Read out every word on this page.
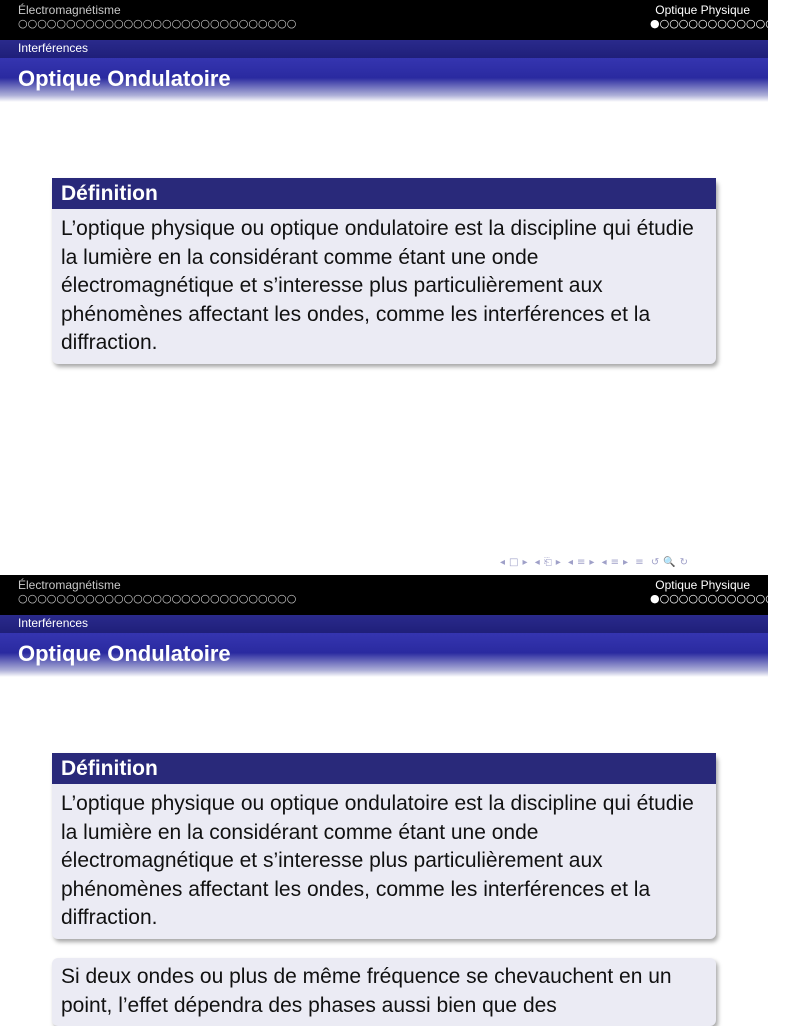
Électromagnétisme
○○○○○○○○○○○○○○○○○○○○○○○○○○○○○
Optique Physique
●○○○○○○○○○○○○○○
Interférences
Optique Ondulatoire
Définition
L’optique physique ou optique ondulatoire est la discipline qui étudie la lumière en la considérant comme étant une onde électromagnétique et s’interesse plus particulièrement aux phénomènes affectant les ondes, comme les interférences et la diffraction.
◂ □ ▸ ◂ ⎗ ▸ ◂ ≡ ▸ ◂ ≡ ▸ ≡ ↺ 🔍 ↻
Électromagnétisme
○○○○○○○○○○○○○○○○○○○○○○○○○○○○○
Optique Physique
●○○○○○○○○○○○○○○
Interférences
Optique Ondulatoire
Définition
L’optique physique ou optique ondulatoire est la discipline qui étudie la lumière en la considérant comme étant une onde électromagnétique et s’interesse plus particulièrement aux phénomènes affectant les ondes, comme les interférences et la diffraction.
Si deux ondes ou plus de même fréquence se chevauchent en un point, l’effet dépendra des phases aussi bien que des
